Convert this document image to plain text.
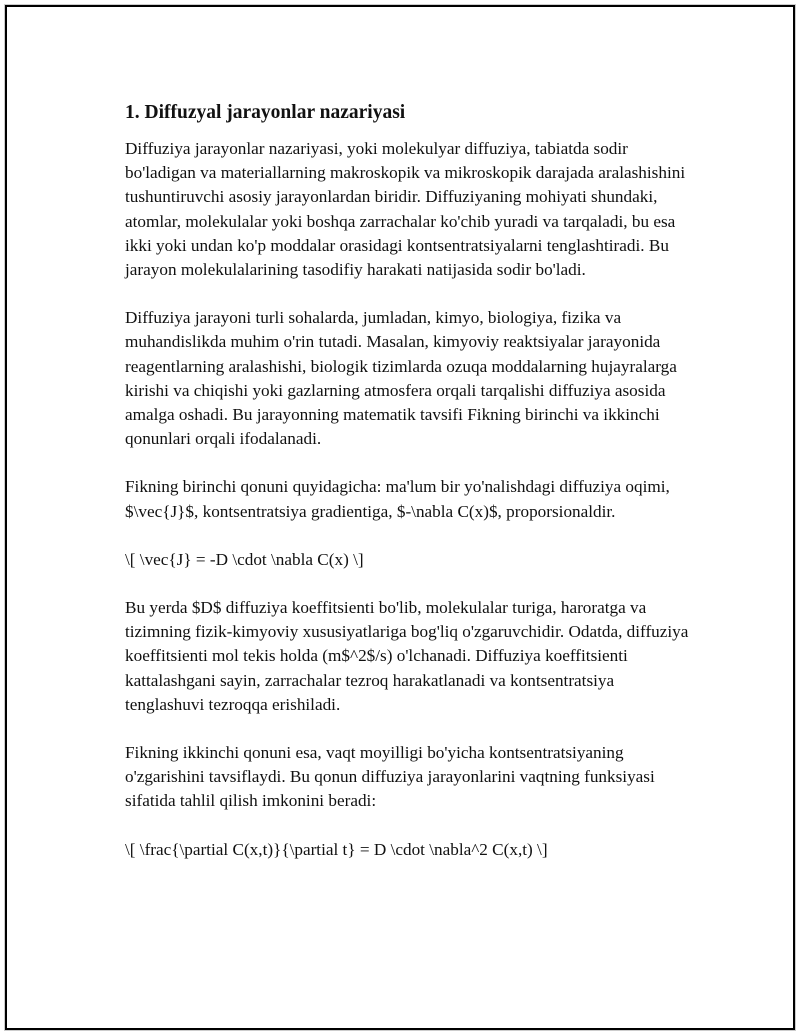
1. Diffuzyal jarayonlar nazariyasi

Diffuziya jarayonlar nazariyasi, yoki molekulyar diffuziya, tabiatda sodir bo'ladigan va materiallarning makroskopik va mikroskopik darajada aralashishini tushuntiruvchi asosiy jarayonlardan biridir. Diffuziyaning mohiyati shundaki, atomlar, molekulalar yoki boshqa zarrachalar ko'chib yuradi va tarqaladi, bu esa ikki yoki undan ko'p moddalar orasidagi kontsentratsiyalarni tenglashtiradi. Bu jarayon molekulalarining tasodifiy harakati natijasida sodir bo'ladi.

Diffuziya jarayoni turli sohalarda, jumladan, kimyo, biologiya, fizika va muhandislikda muhim o'rin tutadi. Masalan, kimyoviy reaktsiyalar jarayonida reagentlarning aralashishi, biologik tizimlarda ozuqa moddalarning hujayralarga kirishi va chiqishi yoki gazlarning atmosfera orqali tarqalishi diffuziya asosida amalga oshadi. Bu jarayonning matematik tavsifi Fikning birinchi va ikkinchi qonunlari orqali ifodalanadi.

Fikning birinchi qonuni quyidagicha: ma'lum bir yo'nalishdagi diffuziya oqimi, $\vec{J}$, kontsentratsiya gradientiga, $-\nabla C(x)$, proporsionaldir.

\[ \vec{J} = -D \cdot \nabla C(x) \]

Bu yerda $D$ diffuziya koeffitsienti bo'lib, molekulalar turiga, haroratga va tizimning fizik-kimyoviy xususiyatlariga bog'liq o'zgaruvchidir. Odatda, diffuziya koeffitsienti mol tekis holda (m$^2$/s) o'lchanadi. Diffuziya koeffitsienti kattalashgani sayin, zarrachalar tezroq harakatlanadi va kontsentratsiya tenglashuvi tezroqqa erishiladi.

Fikning ikkinchi qonuni esa, vaqt moyilligi bo'yicha kontsentratsiyaning o'zgarishini tavsiflaydi. Bu qonun diffuziya jarayonlarini vaqtning funksiyasi sifatida tahlil qilish imkonini beradi:

\[ \frac{\partial C(x,t)}{\partial t} = D \cdot \nabla^2 C(x,t) \]
